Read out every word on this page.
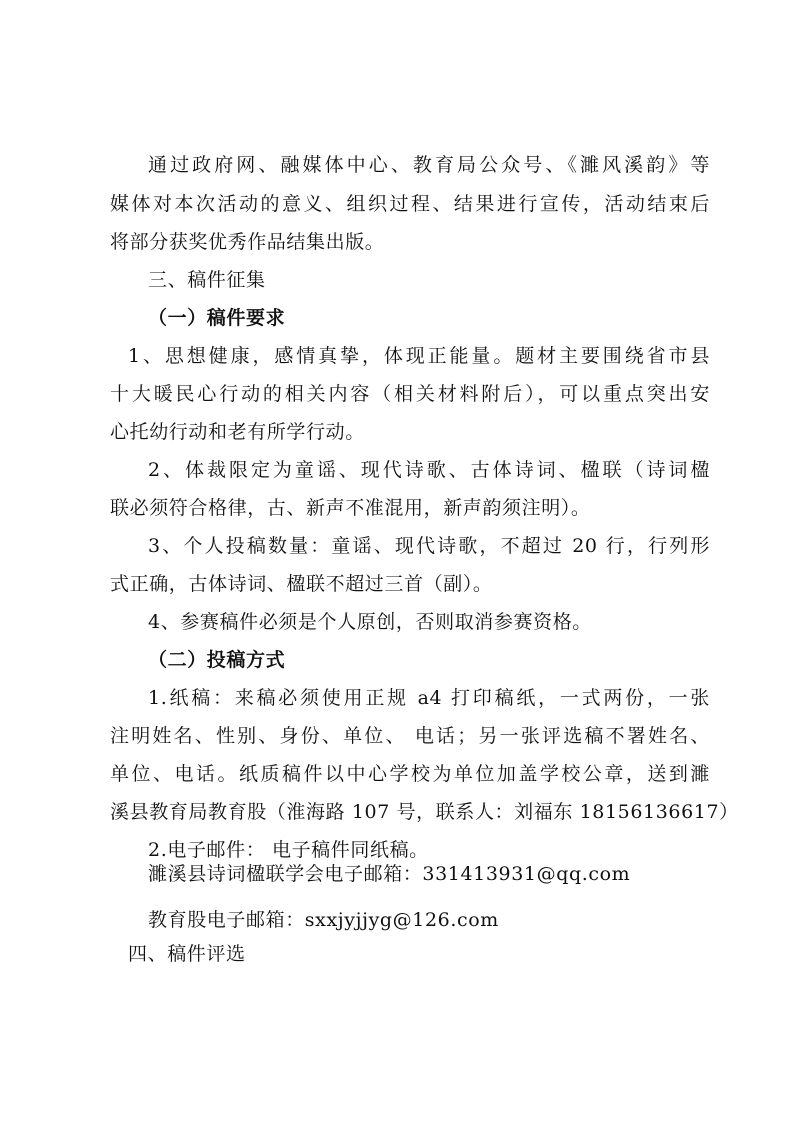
通过政府网、融媒体中心、教育局公众号、《濉风溪韵》等
媒体对本次活动的意义、组织过程、结果进行宣传，活动结束后
将部分获奖优秀作品结集出版。
三、稿件征集
（一）稿件要求
1、思想健康，感情真挚，体现正能量。题材主要围绕省市县
十大暖民心行动的相关内容（相关材料附后），可以重点突出安
心托幼行动和老有所学行动。
2、体裁限定为童谣、现代诗歌、古体诗词、楹联（诗词楹
联必须符合格律，古、新声不准混用，新声韵须注明）。
3、个人投稿数量：童谣、现代诗歌，不超过 20 行，行列形
式正确，古体诗词、楹联不超过三首（副）。
4、参赛稿件必须是个人原创，否则取消参赛资格。
（二）投稿方式
1.纸稿：来稿必须使用正规 a4 打印稿纸，一式两份，一张
注明姓名、性别、身份、单位、 电话；另一张评选稿不署姓名、
单位、电话。纸质稿件以中心学校为单位加盖学校公章，送到濉
溪县教育局教育股（淮海路 107 号，联系人：刘福东 18156136617）
2.电子邮件： 电子稿件同纸稿。
濉溪县诗词楹联学会电子邮箱：331413931@qq.com
教育股电子邮箱：sxxjyjjyg@126.com
四、稿件评选
